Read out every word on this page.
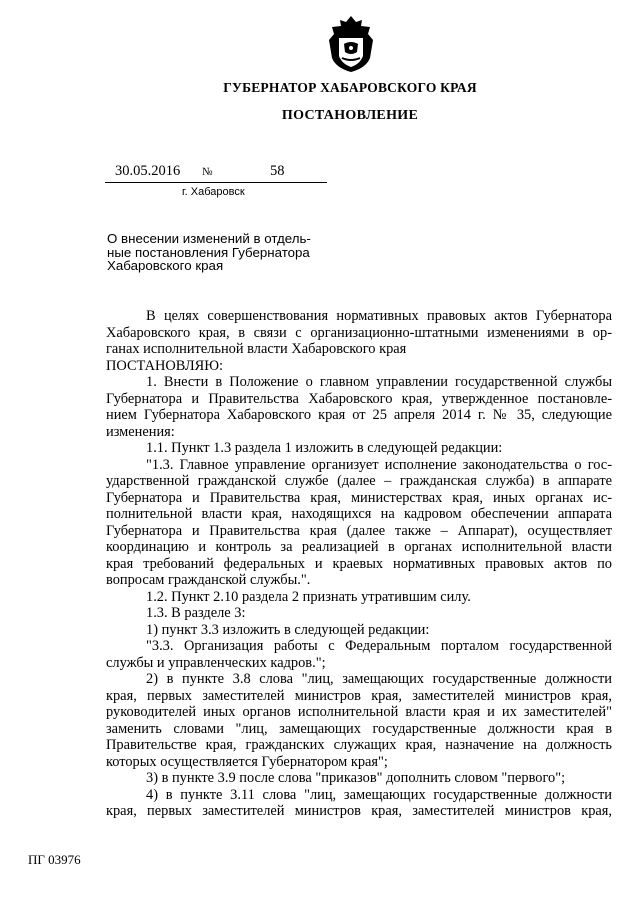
ГУБЕРНАТОР ХАБАРОВСКОГО КРАЯ
ПОСТАНОВЛЕНИЕ
30.05.2016 №	58
г. Хабаровск
О внесении изменений в отдель-
ные постановления Губернатора
Хабаровского края
В целях совершенствования нормативных правовых актов Губернатора
Хабаровского края, в связи с организационно-штатными изменениями в ор-
ганах исполнительной власти Хабаровского края
ПОСТАНОВЛЯЮ:
1. Внести в Положение о главном управлении государственной службы
Губернатора и Правительства Хабаровского края, утвержденное постановле-
нием Губернатора Хабаровского края от 25 апреля 2014 г. № 35, следующие
изменения:
1.1. Пункт 1.3 раздела 1 изложить в следующей редакции:
"1.3. Главное управление организует исполнение законодательства о гос-
ударственной гражданской службе (далее – гражданская служба) в аппарате
Губернатора и Правительства края, министерствах края, иных органах ис-
полнительной власти края, находящихся на кадровом обеспечении аппарата
Губернатора и Правительства края (далее также – Аппарат), осуществляет
координацию и контроль за реализацией в органах исполнительной власти
края требований федеральных и краевых нормативных правовых актов по
вопросам гражданской службы.".
1.2. Пункт 2.10 раздела 2 признать утратившим силу.
1.3. В разделе 3:
1) пункт 3.3 изложить в следующей редакции:
"3.3. Организация работы с Федеральным порталом государственной
службы и управленческих кадров.";
2) в пункте 3.8 слова "лиц, замещающих государственные должности
края, первых заместителей министров края, заместителей министров края,
руководителей иных органов исполнительной власти края и их заместителей"
заменить словами "лиц, замещающих государственные должности края в
Правительстве края, гражданских служащих края, назначение на должность
которых осуществляется Губернатором края";
3) в пункте 3.9 после слова "приказов" дополнить словом "первого";
4) в пункте 3.11 слова "лиц, замещающих государственные должности
края, первых заместителей министров края, заместителей министров края,
ПГ 03976
